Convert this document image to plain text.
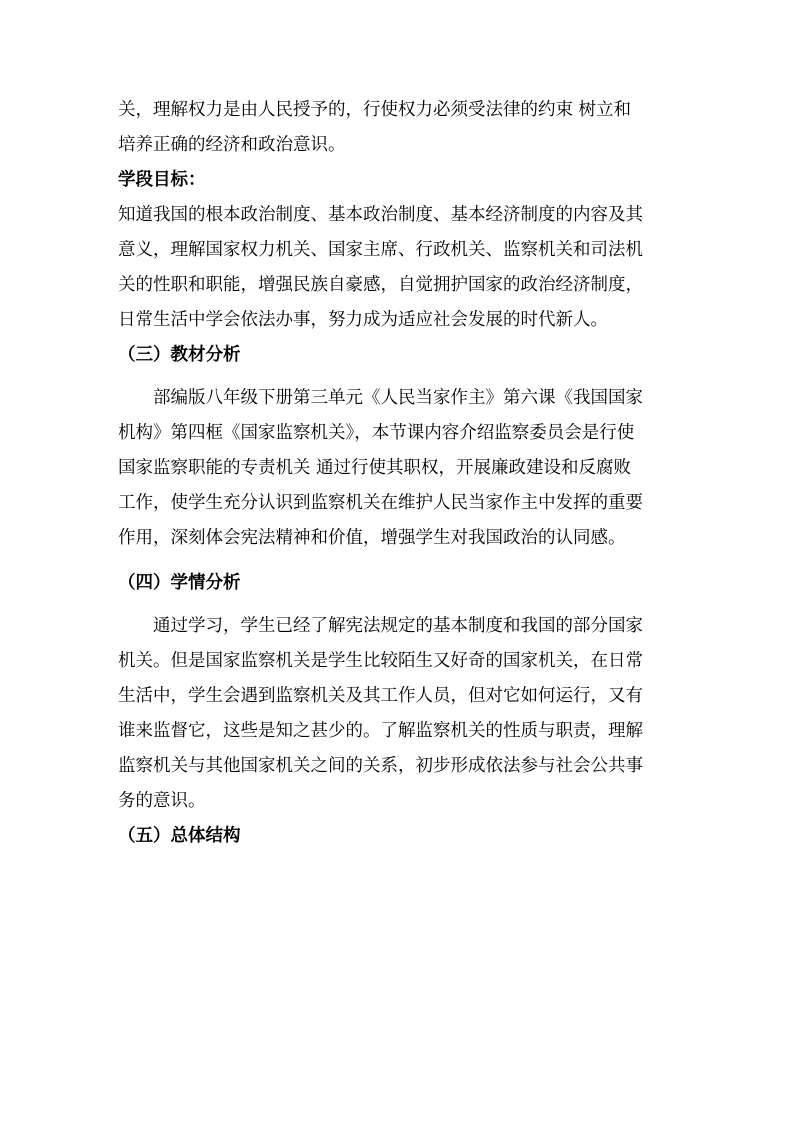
关，理解权力是由人民授予的，行使权力必须受法律的约束 树立和
培养正确的经济和政治意识。
学段目标：
知道我国的根本政治制度、基本政治制度、基本经济制度的内容及其
意义，理解国家权力机关、国家主席、行政机关、监察机关和司法机
关的性职和职能，增强民族自豪感，自觉拥护国家的政治经济制度，
日常生活中学会依法办事，努力成为适应社会发展的时代新人。
（三）教材分析
部编版八年级下册第三单元《人民当家作主》第六课《我国国家
机构》第四框《国家监察机关》，本节课内容介绍监察委员会是行使
国家监察职能的专责机关 通过行使其职权，开展廉政建设和反腐败
工作，使学生充分认识到监察机关在维护人民当家作主中发挥的重要
作用，深刻体会宪法精神和价值，增强学生对我国政治的认同感。
（四）学情分析
通过学习，学生已经了解宪法规定的基本制度和我国的部分国家
机关。但是国家监察机关是学生比较陌生又好奇的国家机关，在日常
生活中，学生会遇到监察机关及其工作人员，但对它如何运行，又有
谁来监督它，这些是知之甚少的。了解监察机关的性质与职责，理解
监察机关与其他国家机关之间的关系，初步形成依法参与社会公共事
务的意识。
（五）总体结构
